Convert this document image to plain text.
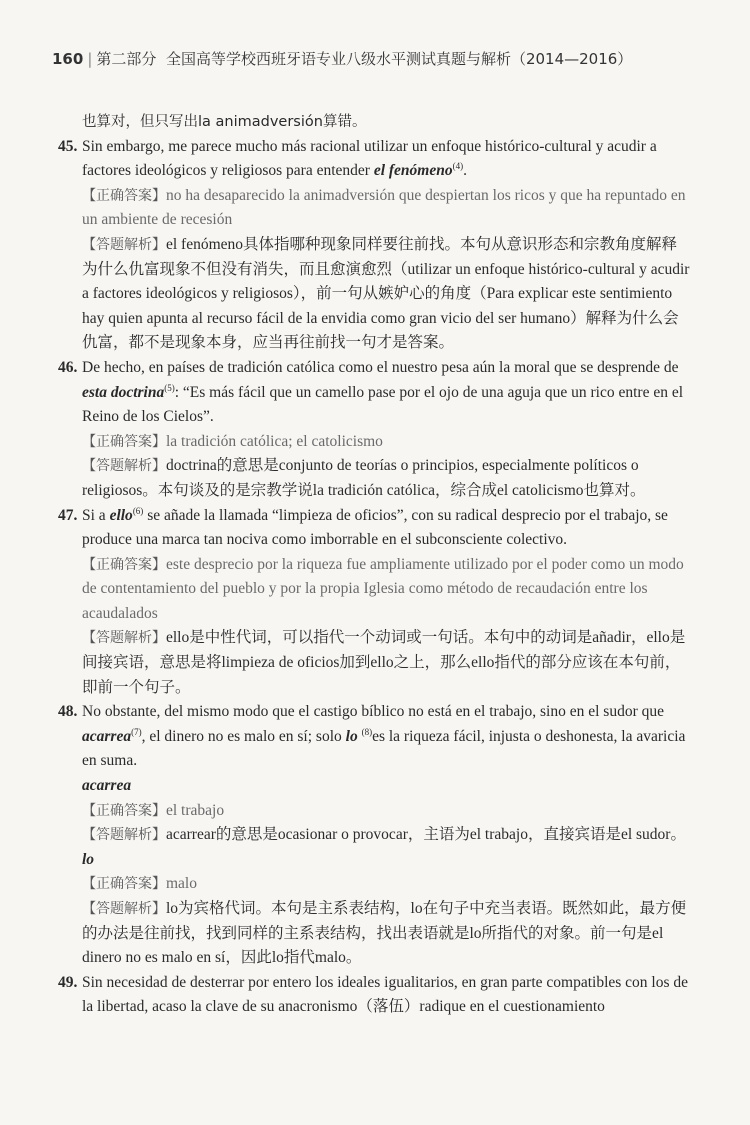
160 | 第二部分 全国高等学校西班牙语专业八级水平测试真题与解析（2014—2016）
也算对，但只写出la animadversión算错。
45. Sin embargo, me parece mucho más racional utilizar un enfoque histórico-cultural y acudir a factores ideológicos y religiosos para entender el fenómeno$^{(4)}$.
【正确答案】no ha desaparecido la animadversión que despiertan los ricos y que ha repuntado en un ambiente de recesión
【答题解析】el fenómeno具体指哪种现象同样要往前找。本句从意识形态和宗教角度解释为什么仇富现象不但没有消失，而且愈演愈烈（utilizar un enfoque histórico-cultural y acudir a factores ideológicos y religiosos），前一句从嫉妒心的角度（Para explicar este sentimiento hay quien apunta al recurso fácil de la envidia como gran vicio del ser humano）解释为什么会仇富，都不是现象本身，应当再往前找一句才是答案。
46. De hecho, en países de tradición católica como el nuestro pesa aún la moral que se desprende de esta doctrina$^{(5)}$: “Es más fácil que un camello pase por el ojo de una aguja que un rico entre en el Reino de los Cielos”.
【正确答案】la tradición católica; el catolicismo
【答题解析】doctrina的意思是conjunto de teorías o principios, especialmente políticos o religiosos。本句谈及的是宗教学说la tradición católica，综合成el catolicismo也算对。
47. Si a ello$^{(6)}$ se añade la llamada “limpieza de oficios”, con su radical desprecio por el trabajo, se produce una marca tan nociva como imborrable en el subconsciente colectivo.
【正确答案】este desprecio por la riqueza fue ampliamente utilizado por el poder como un modo de contentamiento del pueblo y por la propia Iglesia como método de recaudación entre los acaudalados
【答题解析】ello是中性代词，可以指代一个动词或一句话。本句中的动词是añadir，ello是间接宾语，意思是将limpieza de oficios加到ello之上，那么ello指代的部分应该在本句前，即前一个句子。
48. No obstante, del mismo modo que el castigo bíblico no está en el trabajo, sino en el sudor que acarrea$^{(7)}$, el dinero no es malo en sí; solo lo $^{(8)}$es la riqueza fácil, injusta o deshonesta, la avaricia en suma.
acarrea
【正确答案】el trabajo
【答题解析】acarrear的意思是ocasionar o provocar，主语为el trabajo，直接宾语是el sudor。
lo
【正确答案】malo
【答题解析】lo为宾格代词。本句是主系表结构，lo在句子中充当表语。既然如此，最方便的办法是往前找，找到同样的主系表结构，找出表语就是lo所指代的对象。前一句是el dinero no es malo en sí，因此lo指代malo。
49. Sin necesidad de desterrar por entero los ideales igualitarios, en gran parte compatibles con los de la libertad, acaso la clave de su anacronismo（落伍）radique en el cuestionamiento
